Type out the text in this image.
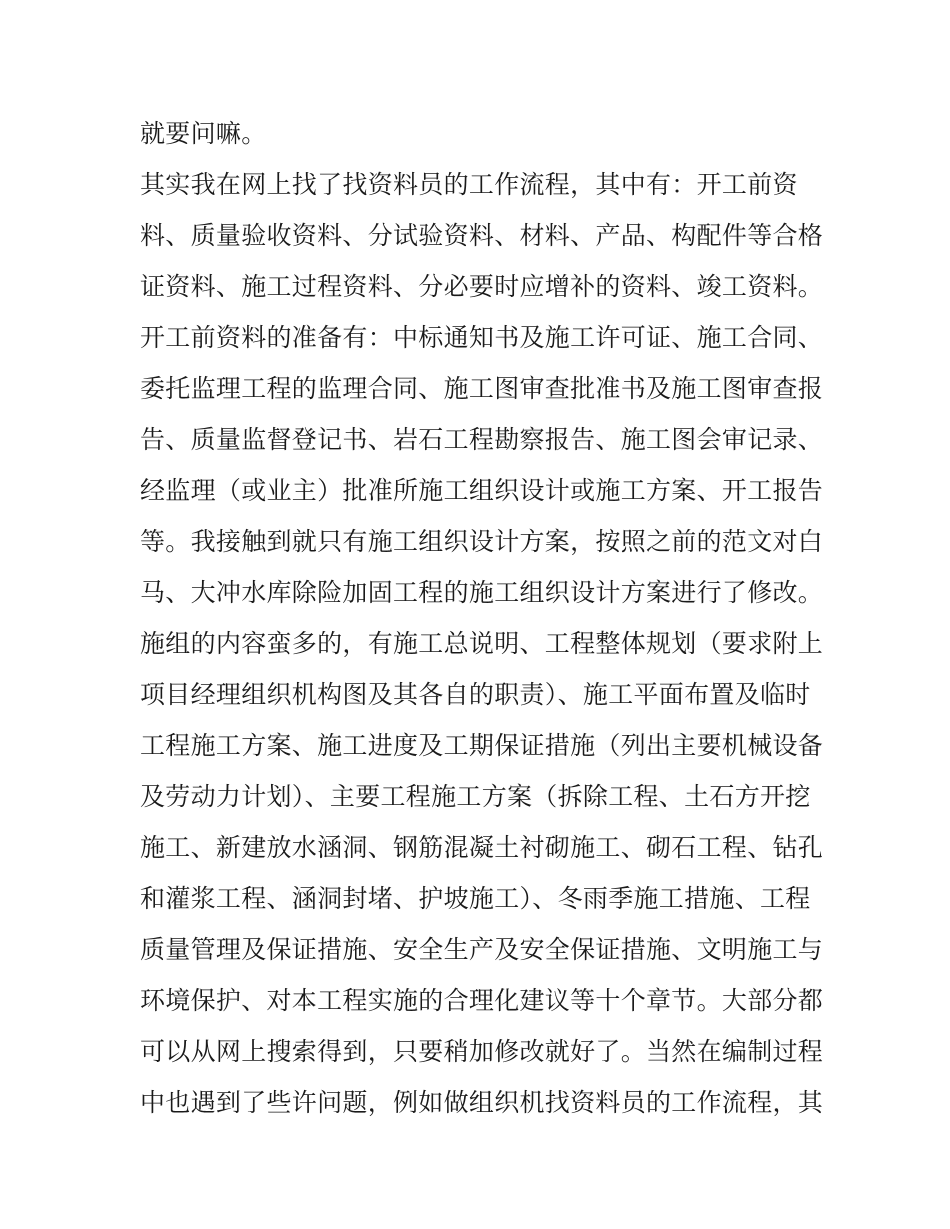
就要问嘛。
其实我在网上找了找资料员的工作流程，其中有：开工前资
料、质量验收资料、分试验资料、材料、产品、构配件等合格
证资料、施工过程资料、分必要时应增补的资料、竣工资料。
开工前资料的准备有：中标通知书及施工许可证、施工合同、
委托监理工程的监理合同、施工图审查批准书及施工图审查报
告、质量监督登记书、岩石工程勘察报告、施工图会审记录、
经监理（或业主）批准所施工组织设计或施工方案、开工报告
等。我接触到就只有施工组织设计方案，按照之前的范文对白
马、大冲水库除险加固工程的施工组织设计方案进行了修改。
施组的内容蛮多的，有施工总说明、工程整体规划（要求附上
项目经理组织机构图及其各自的职责）、施工平面布置及临时
工程施工方案、施工进度及工期保证措施（列出主要机械设备
及劳动力计划）、主要工程施工方案（拆除工程、土石方开挖
施工、新建放水涵洞、钢筋混凝土衬砌施工、砌石工程、钻孔
和灌浆工程、涵洞封堵、护坡施工）、冬雨季施工措施、工程
质量管理及保证措施、安全生产及安全保证措施、文明施工与
环境保护、对本工程实施的合理化建议等十个章节。大部分都
可以从网上搜索得到，只要稍加修改就好了。当然在编制过程
中也遇到了些许问题，例如做组织机找资料员的工作流程，其
